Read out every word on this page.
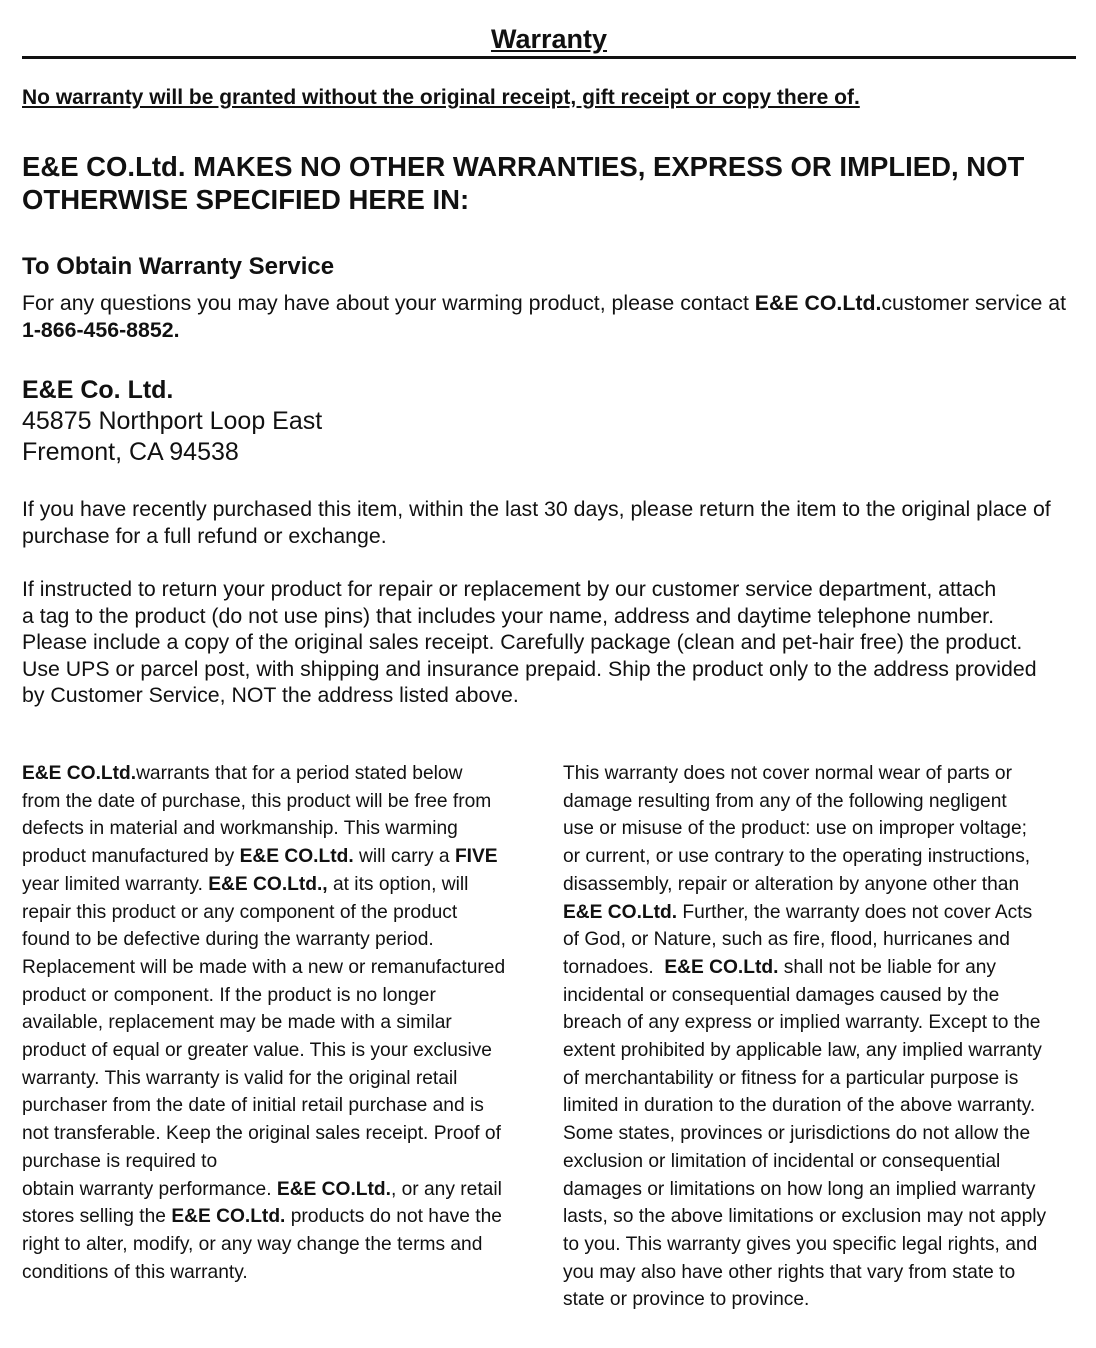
Warranty
No warranty will be granted without the original receipt, gift receipt or copy there of.
E&E CO.Ltd. MAKES NO OTHER WARRANTIES, EXPRESS OR IMPLIED, NOT OTHERWISE SPECIFIED HERE IN:
To Obtain Warranty Service
For any questions you may have about your warming product, please contact E&E CO.Ltd.customer service at 1-866-456-8852.
E&E Co. Ltd.
45875 Northport Loop East
Fremont, CA 94538
If you have recently purchased this item, within the last 30 days, please return the item to the original place of purchase for a full refund or exchange.
If instructed to return your product for repair or replacement by our customer service department, attach
a tag to the product (do not use pins) that includes your name, address and daytime telephone number.
Please include a copy of the original sales receipt. Carefully package (clean and pet-hair free) the product.
Use UPS or parcel post, with shipping and insurance prepaid. Ship the product only to the address provided
by Customer Service, NOT the address listed above.
E&E CO.Ltd.warrants that for a period stated below
from the date of purchase, this product will be free from
defects in material and workmanship. This warming
product manufactured by E&E CO.Ltd. will carry a FIVE
year limited warranty. E&E CO.Ltd., at its option, will
repair this product or any component of the product
found to be defective during the warranty period.
Replacement will be made with a new or remanufactured
product or component. If the product is no longer
available, replacement may be made with a similar
product of equal or greater value. This is your exclusive
warranty. This warranty is valid for the original retail
purchaser from the date of initial retail purchase and is
not transferable. Keep the original sales receipt. Proof of
purchase is required to
obtain warranty performance. E&E CO.Ltd., or any retail
stores selling the E&E CO.Ltd. products do not have the
right to alter, modify, or any way change the terms and
conditions of this warranty.
This warranty does not cover normal wear of parts or
damage resulting from any of the following negligent
use or misuse of the product: use on improper voltage;
or current, or use contrary to the operating instructions,
disassembly, repair or alteration by anyone other than
E&E CO.Ltd. Further, the warranty does not cover Acts
of God, or Nature, such as fire, flood, hurricanes and
tornadoes.  E&E CO.Ltd. shall not be liable for any
incidental or consequential damages caused by the
breach of any express or implied warranty. Except to the
extent prohibited by applicable law, any implied warranty
of merchantability or fitness for a particular purpose is
limited in duration to the duration of the above warranty.
Some states, provinces or jurisdictions do not allow the
exclusion or limitation of incidental or consequential
damages or limitations on how long an implied warranty
lasts, so the above limitations or exclusion may not apply
to you. This warranty gives you specific legal rights, and
you may also have other rights that vary from state to
state or province to province.
